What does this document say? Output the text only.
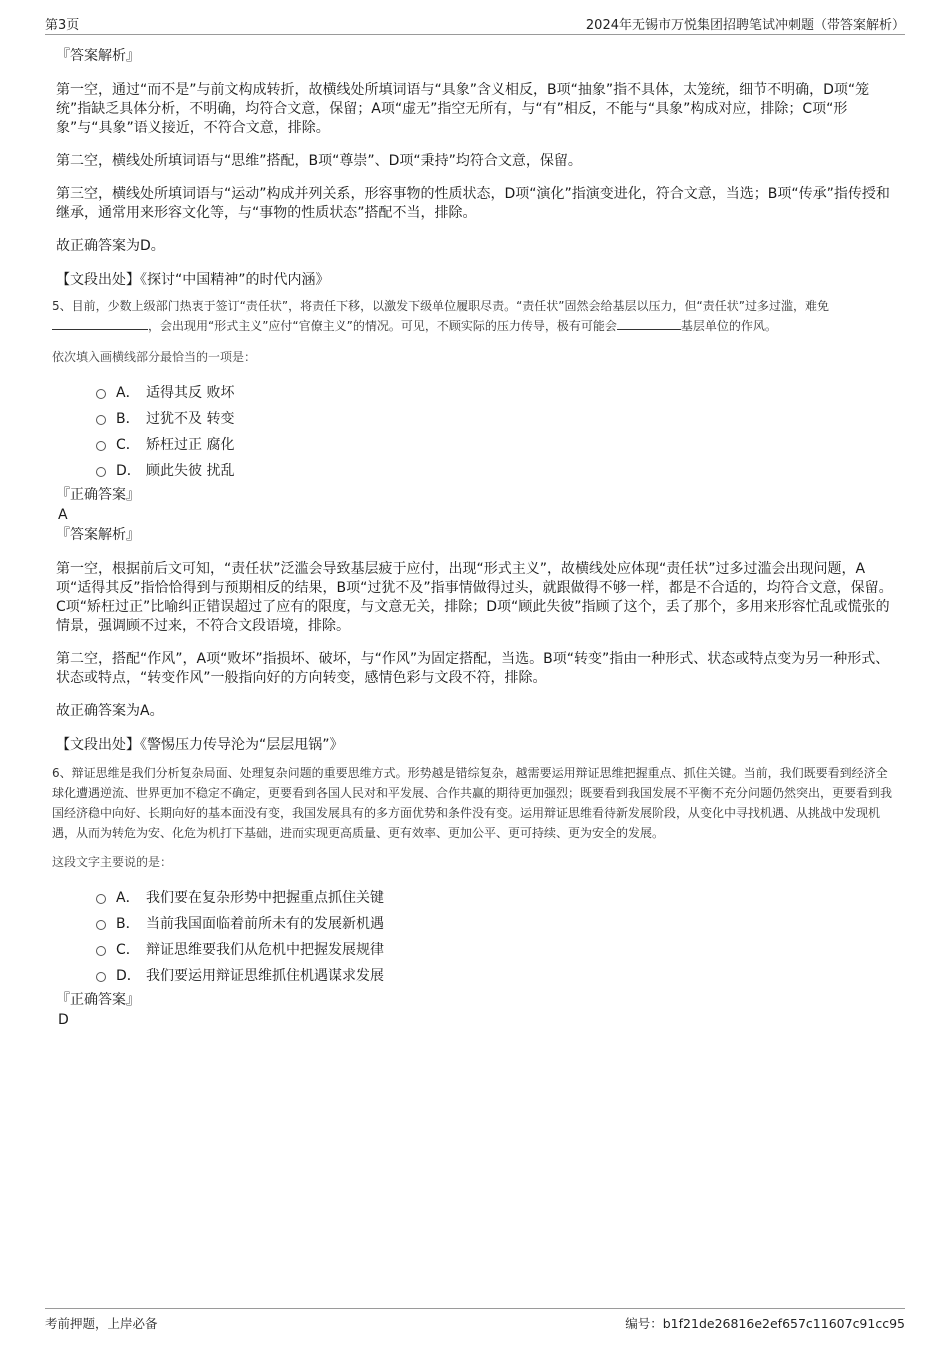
第3页	2024年无锡市万悦集团招聘笔试冲刺题（带答案解析）

『答案解析』

第一空，通过“而不是”与前文构成转折，故横线处所填词语与“具象”含义相反，B项“抽象”指不具体，太笼统，细节不明确，D项“笼统”指缺乏具体分析，不明确，均符合文意，保留；A项“虚无”指空无所有，与“有”相反，不能与“具象”构成对应，排除；C项“形象”与“具象”语义接近，不符合文意，排除。

第二空，横线处所填词语与“思维”搭配，B项“尊崇”、D项“秉持”均符合文意，保留。

第三空，横线处所填词语与“运动”构成并列关系，形容事物的性质状态，D项“演化”指演变进化，符合文意，当选；B项“传承”指传授和继承，通常用来形容文化等，与“事物的性质状态”搭配不当，排除。

故正确答案为D。

【文段出处】《探讨“中国精神”的时代内涵》

5、目前，少数上级部门热衷于签订“责任状”，将责任下移，以激发下级单位履职尽责。“责任状”固然会给基层以压力，但“责任状”过多过滥，难免，会出现用“形式主义”应付“官僚主义”的情况。可见，不顾实际的压力传导，极有可能会	基层单位的作风。

依次填入画横线部分最恰当的一项是：

A． 适得其反 败坏
B． 过犹不及 转变
C． 矫枉过正 腐化
D． 顾此失彼 扰乱

『正确答案』

A

『答案解析』

第一空，根据前后文可知，“责任状”泛滥会导致基层疲于应付，出现“形式主义”，故横线处应体现“责任状”过多过滥会出现问题，A项“适得其反”指恰恰得到与预期相反的结果，B项“过犹不及”指事情做得过头，就跟做得不够一样，都是不合适的，均符合文意，保留。C项“矫枉过正”比喻纠正错误超过了应有的限度，与文意无关，排除；D项“顾此失彼”指顾了这个，丢了那个，多用来形容忙乱或慌张的情景，强调顾不过来，不符合文段语境，排除。

第二空，搭配“作风”，A项“败坏”指损坏、破坏，与“作风”为固定搭配，当选。B项“转变”指由一种形式、状态或特点变为另一种形式、状态或特点，“转变作风”一般指向好的方向转变，感情色彩与文段不符，排除。

故正确答案为A。

【文段出处】《警惕压力传导沦为“层层甩锅”》

6、辩证思维是我们分析复杂局面、处理复杂问题的重要思维方式。形势越是错综复杂，越需要运用辩证思维把握重点、抓住关键。当前，我们既要看到经济全球化遭遇逆流、世界更加不稳定不确定，更要看到各国人民对和平发展、合作共赢的期待更加强烈；既要看到我国发展不平衡不充分问题仍然突出，更要看到我国经济稳中向好、长期向好的基本面没有变，我国发展具有的多方面优势和条件没有变。运用辩证思维看待新发展阶段，从变化中寻找机遇、从挑战中发现机遇，从而为转危为安、化危为机打下基础，进而实现更高质量、更有效率、更加公平、更可持续、更为安全的发展。

这段文字主要说的是：

A． 我们要在复杂形势中把握重点抓住关键
B． 当前我国面临着前所未有的发展新机遇
C． 辩证思维要我们从危机中把握发展规律
D． 我们要运用辩证思维抓住机遇谋求发展

『正确答案』

D

考前押题，上岸必备	编号：b1f21de26816e2ef657c11607c91cc95
